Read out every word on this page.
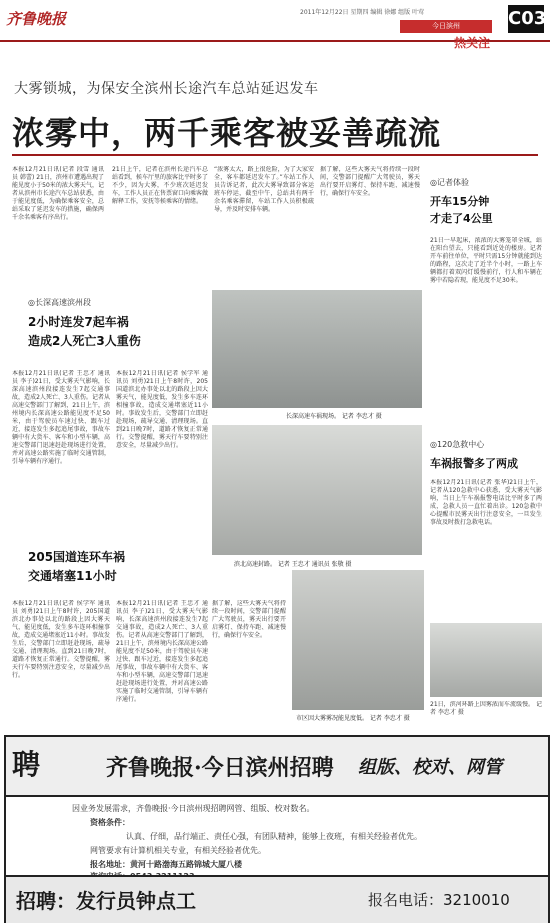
齐鲁晚报	2011年12月22日 星期四 编辑 徐娜 组版 叶莺
今日滨州	C03
热关注
大雾锁城，为保安全滨州长途汽车总站延迟发车
浓雾中，两千乘客被妥善疏流
本报12月21日讯(记者 段雪 通讯员 韩蕾) 21日，滨州市遭遇出现了能见度小于50米的浓大雾天气，记者从滨州市长途汽车总站获悉，由于能见度低，为确保乘客安全，总站采取了延迟发车的措施，确保两千余名乘客有序出行。
21日上午，记者在滨州长途汽车总站看到，候车厅里的旅客比平时多了不少，因为大雾，不少班次延迟发车，工作人员正在售票窗口向乘客做解释工作，安抚等候乘客的情绪。
“浓雾太大，路上很危险，为了大家安全，客车都延迟发车了。”车站工作人员告诉记者，此次大雾导致部分客运班车停运，截至中午，总站共有两千余名乘客滞留，车站工作人员积极疏导，并及时安排车辆。
据了解，这些大雾天气将持续一段时间，交警部门提醒广大驾驶员，雾天出行要开启雾灯、保持车距、减速慢行，确保行车安全。
◎长深高速滨州段
2小时连发7起车祸
造成2人死亡3人重伤
本报12月21日讯(记者 王忠才 通讯员 李子)21日，受大雾天气影响，长深高速滨州段接连发生7起交通事故，造成2人死亡、3人重伤。记者从高速交警部门了解到，21日上午，滨州境内长深高速公路能见度不足50米，由于驾驶员车速过快、跟车过近，接连发生多起追尾事故，事故车辆中有大货车、客车和小型车辆，高速交警部门迅速赶赴现场进行处置，并对高速公路实施了临时交通管制，引导车辆有序通行。
本报12月21日讯(记者 侯学军 通讯员 刘勇)21日上午8时许，205国道滨北办事处以北的路段上因大雾天气，能见度低，发生多车连环相撞事故，造成交通堵塞近11小时。事故发生后，交警部门立即赶赴现场，疏导交通、清理现场。直到21日晚7时，道路才恢复正常通行。交警提醒，雾天行车要特别注意安全，尽量减少出行。
长深高速车祸现场。 记者 李忠才 摄
滨北高速封路。 记者 王忠才 通讯员 张敬 摄
205国道连环车祸
交通堵塞11小时
本报12月21日讯(记者 侯学军 通讯员 刘勇)21日上午8时许，205国道滨北办事处以北的路段上因大雾天气，能见度低，发生多车连环相撞事故，造成交通堵塞近11小时。事故发生后，交警部门立即赶赴现场，疏导交通、清理现场。直到21日晚7时，道路才恢复正常通行。交警提醒，雾天行车要特别注意安全，尽量减少出行。
本报12月21日讯(记者 王忠才 通讯员 李子)21日，受大雾天气影响，长深高速滨州段接连发生7起交通事故，造成2人死亡、3人重伤。记者从高速交警部门了解到，21日上午，滨州境内长深高速公路能见度不足50米，由于驾驶员车速过快、跟车过近，接连发生多起追尾事故，事故车辆中有大货车、客车和小型车辆，高速交警部门迅速赶赴现场进行处置，并对高速公路实施了临时交通管制，引导车辆有序通行。
据了解，这些大雾天气将持续一段时间，交警部门提醒广大驾驶员，雾天出行要开启雾灯、保持车距、减速慢行，确保行车安全。
市区因大雾雾况能见度低。 记者 李忠才 摄
◎记者体验
开车15分钟
才走了4公里
21日一早起床，浓浓的大雾笼罩全城，站在阳台望去，只能看到近处的楼房。记者开车前往单位，平时只需15分钟就能到达的路程，这次走了近半个小时，一路上车辆都打着双闪灯缓慢前行，行人和车辆在雾中若隐若现，能见度不足30米。
◎120急救中心
车祸报警多了两成
本报12月21日讯(记者 张华)21日上午，记者从120急救中心获悉，受大雾天气影响，当日上午车祸报警电话比平时多了两成，急救人员一直忙着出诊。120急救中心提醒市民雾天出行注意安全，一旦发生事故及时拨打急救电话。
21日，滨河环路上因雾浓而车流缓慢。 记者 李忠才 摄
聘	齐鲁晚报·今日滨州招聘 组版、校对、网管
因业务发展需求，齐鲁晚报·今日滨州现招聘网管、组版、校对数名。
资格条件：
认真、仔细，品行端正、责任心强，有团队精神，能够上夜班，有相关经验者优先。
网管要求有计算机相关专业，有相关经验者优先。
报名地址：黄河十路渤海五路锦城大厦八楼
招聘：发行员钟点工	报名电话：3210010
